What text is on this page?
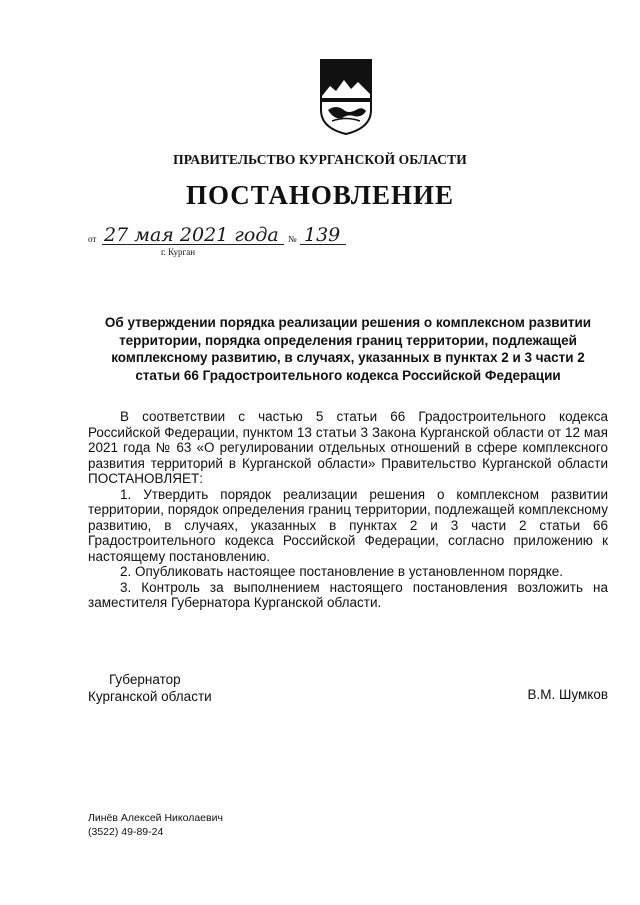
ПРАВИТЕЛЬСТВО КУРГАНСКОЙ ОБЛАСТИ
ПОСТАНОВЛЕНИЕ
от 27 мая 2021 года № 139
г. Курган
Об утверждении порядка реализации решения о комплексном развитии территории, порядка определения границ территории, подлежащей комплексному развитию, в случаях, указанных в пунктах 2 и 3 части 2 статьи 66 Градостроительного кодекса Российской Федерации

В соответствии с частью 5 статьи 66 Градостроительного кодекса Российской Федерации, пунктом 13 статьи 3 Закона Курганской области от 12 мая 2021 года № 63 «О регулировании отдельных отношений в сфере комплексного развития территорий в Курганской области» Правительство Курганской области ПОСТАНОВЛЯЕТ:

1. Утвердить порядок реализации решения о комплексном развитии территории, порядок определения границ территории, подлежащей комплексному развитию, в случаях, указанных в пунктах 2 и 3 части 2 статьи 66 Градостроительного кодекса Российской Федерации, согласно приложению к настоящему постановлению.

2. Опубликовать настоящее постановление в установленном порядке.

3. Контроль за выполнением настоящего постановления возложить на заместителя Губернатора Курганской области.

Губернатор
Курганской области	В.М. Шумков
Линёв Алексей Николаевич
(3522) 49-89-24
